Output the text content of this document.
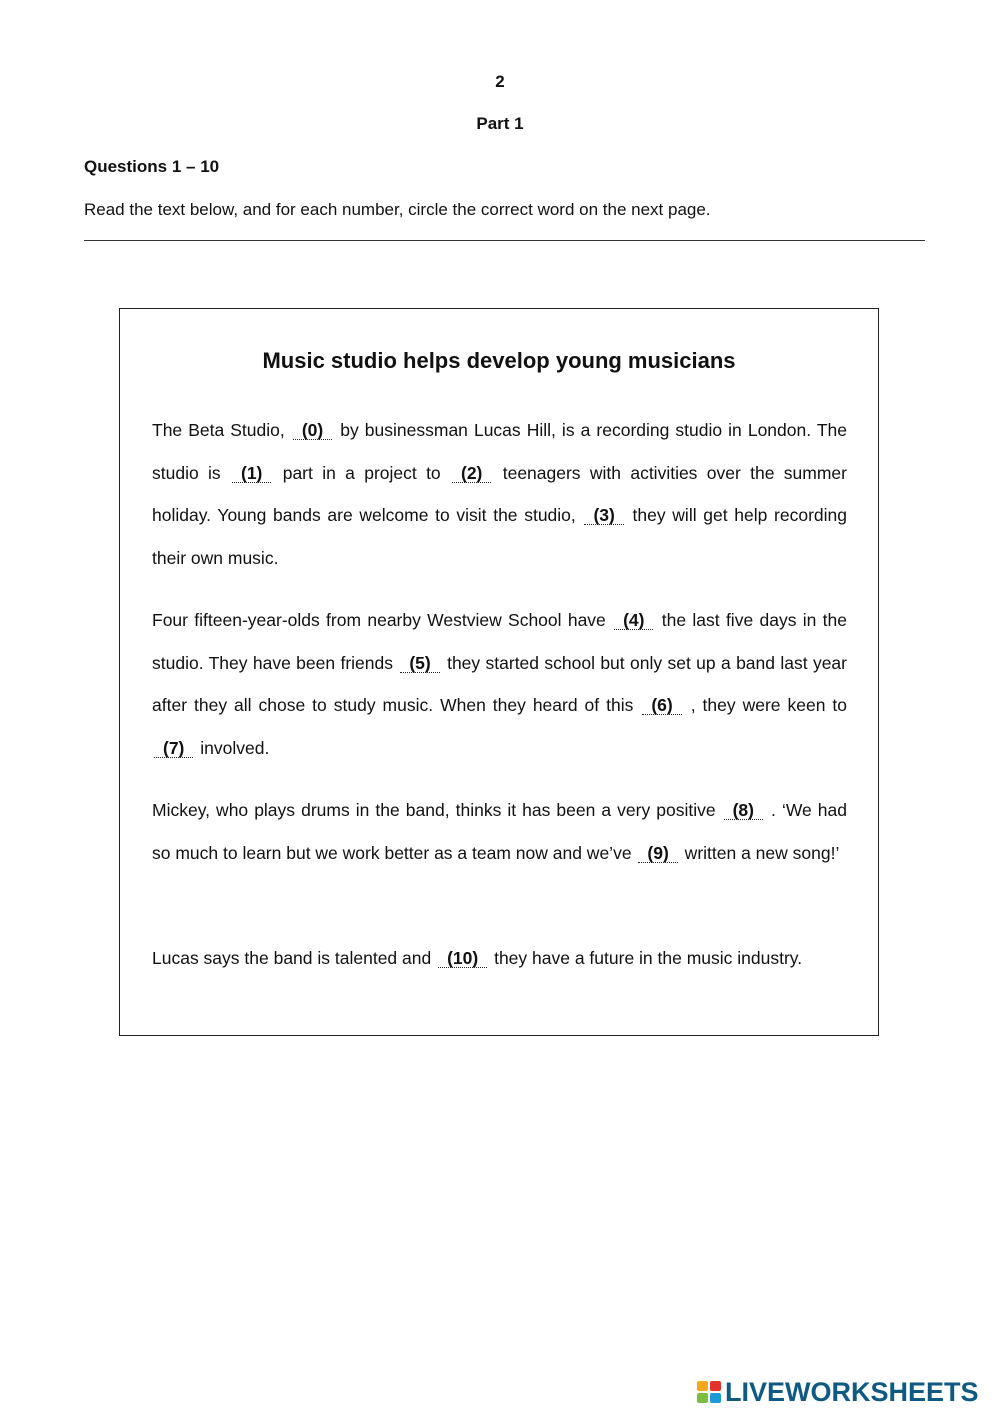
2
Part 1
Questions 1 – 10
Read the text below, and for each number, circle the correct word on the next page.
Music studio helps develop young musicians

The Beta Studio, (0) by businessman Lucas Hill, is a recording studio in London. The studio is (1) part in a project to (2) teenagers with activities over the summer holiday. Young bands are welcome to visit the studio, (3) they will get help recording their own music.

Four fifteen-year-olds from nearby Westview School have (4) the last five days in the studio. They have been friends (5) they started school but only set up a band last year after they all chose to study music. When they heard of this (6) , they were keen to (7) involved.

Mickey, who plays drums in the band, thinks it has been a very positive (8) . ‘We had so much to learn but we work better as a team now and we’ve (9) written a new song!’

Lucas says the band is talented and (10) they have a future in the music industry.

LIVEWORKSHEETS
